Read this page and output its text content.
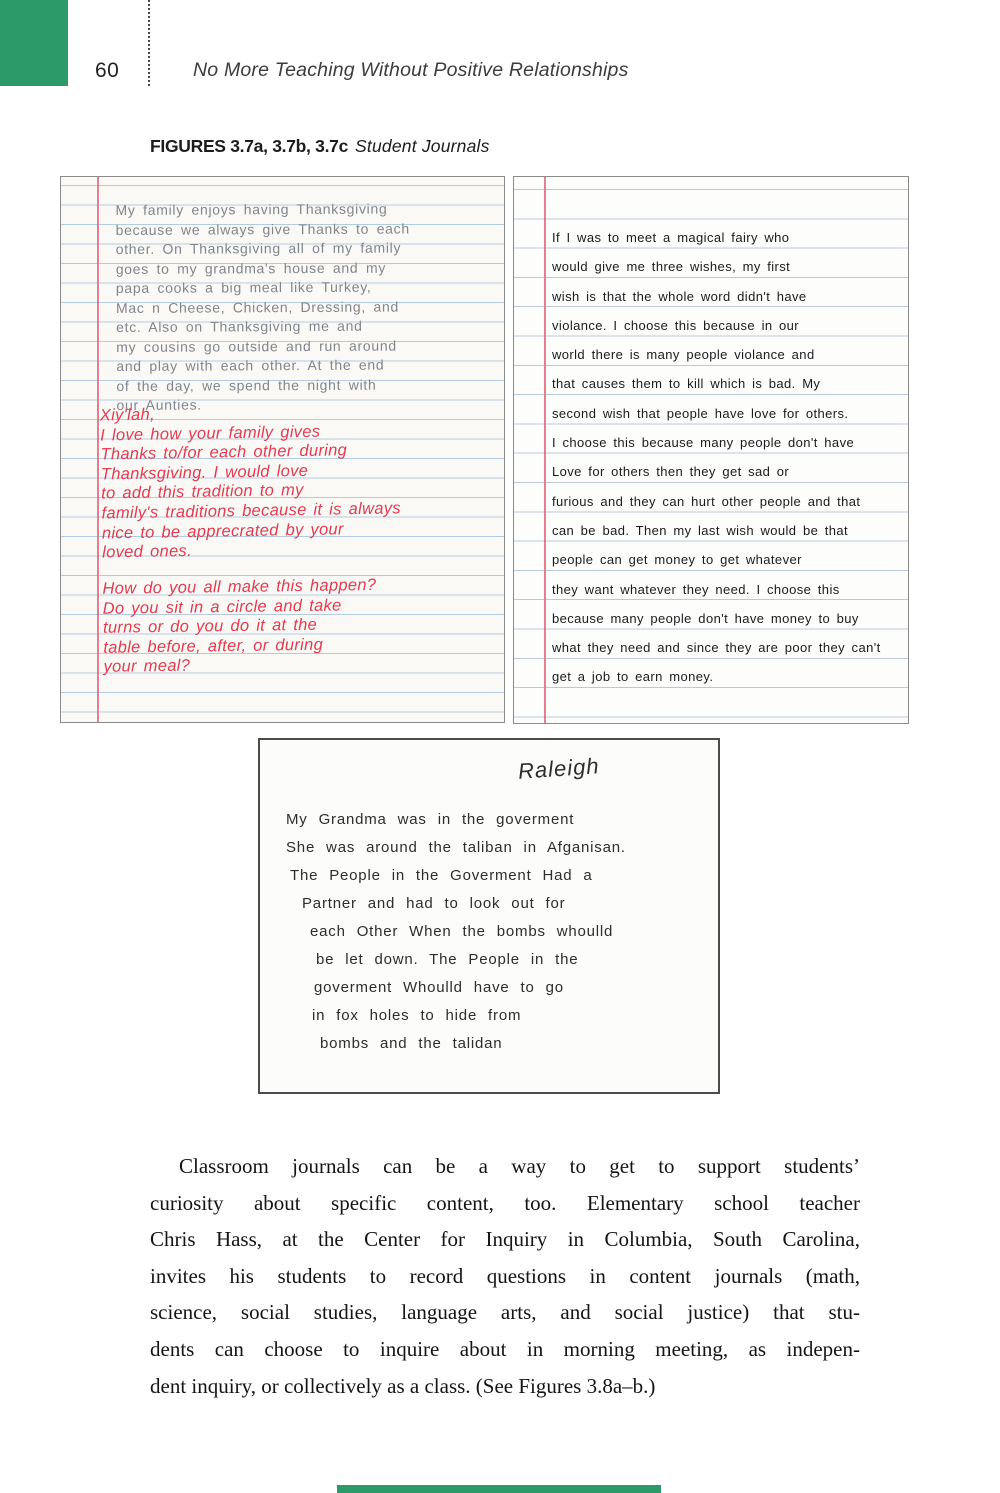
60	No More Teaching Without Positive Relationships
FIGURES 3.7a, 3.7b, 3.7c Student Journals
My family enjoys having Thanksgiving
because we always give Thanks to each
other. On Thanksgiving all of my family
goes to my grandma's house and my
papa cooks a big meal like Turkey,
Mac n Cheese, Chicken, Dressing, and
etc. Also on Thanksgiving me and
my cousins go outside and run around
and play with each other. At the end
of the day, we spend the night with
our Aunties.
Xiy'lah,
I love how your family gives
Thanks to/for each other during
Thanksgiving. I would love
to add this tradition to my
family's traditions because it is always
nice to be apprecrated by your
loved ones.
How do you all make this happen?
Do you sit in a circle and take
turns or do you do it at the
table before, after, or during
your meal?
If I was to meet a magical fairy who
would give me three wishes, my first
wish is that the whole word didn't have
violance. I choose this because in our
world there is many people violance and
that causes them to kill which is bad. My
second wish that people have love for others.
I choose this because many people don't have
Love for others then they get sad or
furious and they can hurt other people and that
can be bad. Then my last wish would be that
people can get money to get whatever
they want whatever they need. I choose this
because many people don't have money to buy
what they need and since they are poor they can't
get a job to earn money.
Raleigh
My Grandma was in the goverment
She was around the taliban in Afganisan.
The People in the Goverment Had a
Partner and had to look out for
each Other When the bombs whoulld
be let down. The People in the
goverment Whoulld have to go
in fox holes to hide from
bombs and the talidan
Classroom journals can be a way to get to support students’
curiosity about specific content, too. Elementary school teacher
Chris Hass, at the Center for Inquiry in Columbia, South Carolina,
invites his students to record questions in content journals (math,
science, social studies, language arts, and social justice) that stu-
dents can choose to inquire about in morning meeting, as indepen-
dent inquiry, or collectively as a class. (See Figures 3.8a–b.)
